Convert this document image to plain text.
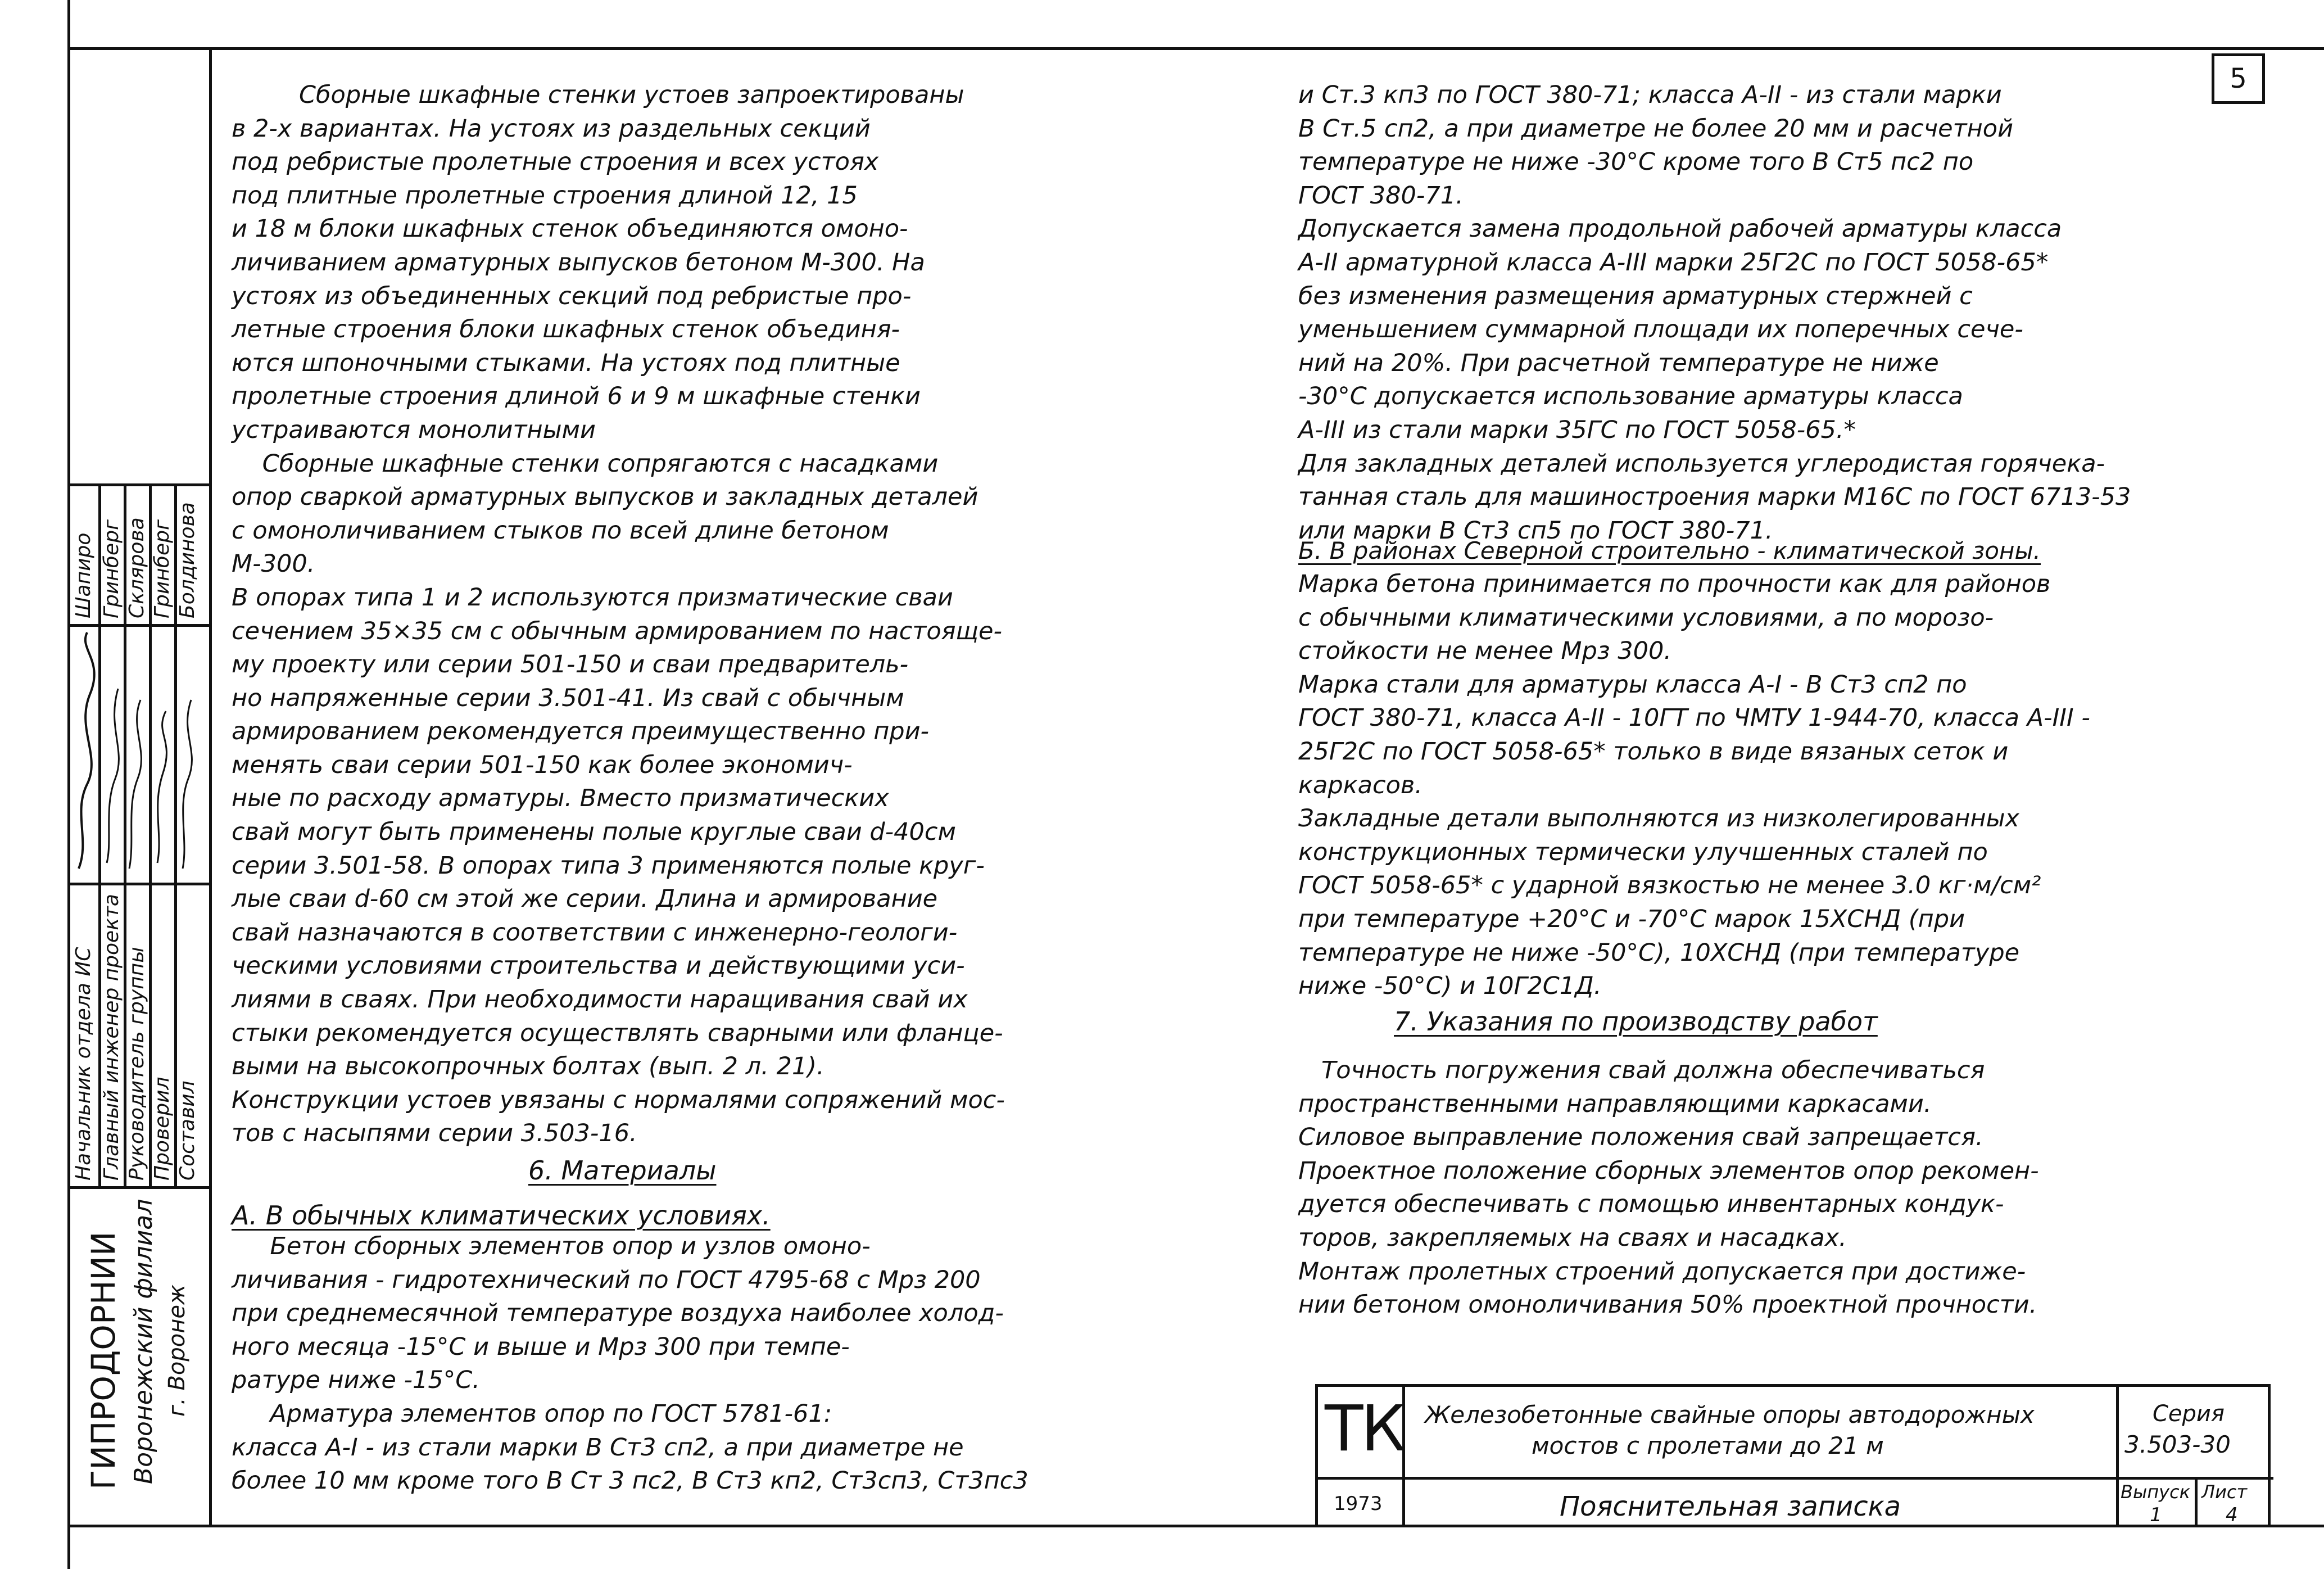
Шапиро Гринберг Склярова Гринберг Болдинова
Начальник отдела ИС Главный инженер проекта Руководитель группы Проверил Составил
ГИПРОДОРНИИ Воронежский филиал г. Воронеж
5

Сборные шкафные стенки устоев запроектированы

в 2-х вариантах. На устоях из раздельных секций

под ребристые пролетные строения и всех устоях

под плитные пролетные строения длиной 12, 15

и 18 м блоки шкафных стенок объединяются омоно-

личиванием арматурных выпусков бетоном М-300. На

устоях из объединенных секций под ребристые про-

летные строения блоки шкафных стенок объединя-

ются шпоночными стыками. На устоях под плитные

пролетные строения длиной 6 и 9 м шкафные стенки

устраиваются монолитными

Сборные шкафные стенки сопрягаются с насадками

опор сваркой арматурных выпусков и закладных деталей

с омоноличиванием стыков по всей длине бетоном

М-300.

В опорах типа 1 и 2 используются призматические сваи

сечением 35×35 см с обычным армированием по настояще-

му проекту или серии 501-150 и сваи предваритель-

но напряженные серии 3.501-41. Из свай с обычным

армированием рекомендуется преимущественно при-

менять сваи серии 501-150 как более экономич-

ные по расходу арматуры. Вместо призматических

свай могут быть применены полые круглые сваи d-40см

серии 3.501-58. В опорах типа 3 применяются полые круг-

лые сваи d-60 см этой же серии. Длина и армирование

свай назначаются в соответствии с инженерно-геологи-

ческими условиями строительства и действующими уси-

лиями в сваях. При необходимости наращивания свай их

стыки рекомендуется осуществлять сварными или фланце-

выми на высокопрочных болтах (вып. 2 л. 21).

Конструкции устоев увязаны с нормалями сопряжений мос-

тов с насыпями серии 3.503-16.

6. Материалы
А. В обычных климатических условиях.

Бетон сборных элементов опор и узлов омоно-

личивания - гидротехнический по ГОСТ 4795-68 с Мрз 200

при среднемесячной температуре воздуха наиболее холод-

ного месяца -15°С и выше и Мрз 300 при темпе-

ратуре ниже -15°С.

Арматура элементов опор по ГОСТ 5781-61:

класса А-I - из стали марки В Ст3 сп2, а при диаметре не

более 10 мм кроме того В Ст 3 пс2, В Ст3 кп2, Ст3сп3, Ст3пс3

и Ст.3 кп3 по ГОСТ 380-71; класса А-II - из стали марки

В Ст.5 сп2, а при диаметре не более 20 мм и расчетной

температуре не ниже -30°С кроме того В Ст5 пс2 по

ГОСТ 380-71.

Допускается замена продольной рабочей арматуры класса

А-II арматурной класса А-III марки 25Г2С по ГОСТ 5058-65*

без изменения размещения арматурных стержней с

уменьшением суммарной площади их поперечных сече-

ний на 20%. При расчетной температуре не ниже

-30°С допускается использование арматуры класса

А-III из стали марки 35ГС по ГОСТ 5058-65.*

Для закладных деталей используется углеродистая горячека-

танная сталь для машиностроения марки М16С по ГОСТ 6713-53

или марки В Ст3 сп5 по ГОСТ 380-71.

Б. В районах Северной строительно - климатической зоны.

Марка бетона принимается по прочности как для районов

с обычными климатическими условиями, а по морозо-

стойкости не менее Мрз 300.

Марка стали для арматуры класса А-I - В Ст3 сп2 по

ГОСТ 380-71, класса А-II - 10ГТ по ЧМТУ 1-944-70, класса А-III -

25Г2С по ГОСТ 5058-65* только в виде вязаных сеток и

каркасов.

Закладные детали выполняются из низколегированных

конструкционных термически улучшенных сталей по

ГОСТ 5058-65* с ударной вязкостью не менее 3.0 кг·м/см²

при температуре +20°С и -70°С марок 15ХСНД (при

температуре не ниже -50°С), 10ХСНД (при температуре

ниже -50°С) и 10Г2С1Д.

7. Указания по производству работ

Точность погружения свай должна обеспечиваться

пространственными направляющими каркасами.

Силовое выправление положения свай запрещается.

Проектное положение сборных элементов опор рекомен-

дуется обеспечивать с помощью инвентарных кондук-

торов, закрепляемых на сваях и насадках.

Монтаж пролетных строений допускается при достиже-

нии бетоном омоноличивания 50% проектной прочности.

ТК
1973
Железобетонные свайные опоры автодорожных
мостов с пролетами до 21 м
Пояснительная записка
Серия
3.503-30
Выпуск
1
Лист
4
